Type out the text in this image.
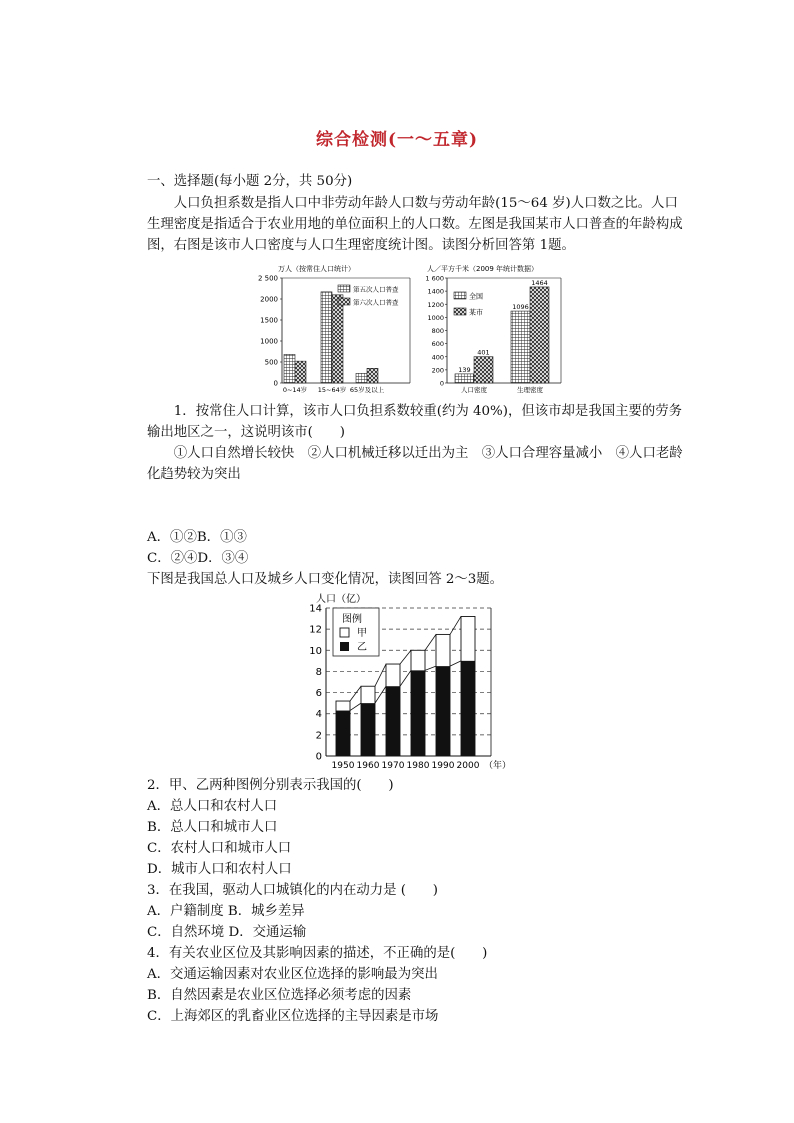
综合检测(一～五章)
一、选择题(每小题 2分，共 50分)
　　人口负担系数是指人口中非劳动年龄人口数与劳动年龄(15～64 岁)人口数之比。人口
生理密度是指适合于农业用地的单位面积上的人口数。左图是我国某市人口普查的年龄构成
图，右图是该市人口密度与人口生理密度统计图。读图分析回答第 1题。
万人（按常住人口统计）
0
500
1000
1500
2000
2 500
0~14岁 15~64岁 65岁及以上
第五次人口普查
第六次人口普查
人／平方千米（2009 年统计数据）
0
200
400
600
800
1000
1200
1400
1 600
139
401
1096
1464
人口密度	生理密度
全国
某市
　　1．按常住人口计算，该市人口负担系数较重(约为 40%)，但该市却是我国主要的劳务
输出地区之一，这说明该市(　　)
　　①人口自然增长较快　②人口机械迁移以迁出为主　③人口合理容量减小　④人口老龄
化趋势较为突出
A．①②B．①③
C．②④D．③④
下图是我国总人口及城乡人口变化情况，读图回答 2～3题。
人口（亿）
0
2
4
6
8
10
12
14
1950 1960 1970 1980 1990 2000 （年）
图例
甲
乙
2．甲、乙两种图例分别表示我国的(　　)
A．总人口和农村人口
B．总人口和城市人口
C．农村人口和城市人口
D．城市人口和农村人口
3．在我国，驱动人口城镇化的内在动力是 (　　)
A．户籍制度 B．城乡差异
C．自然环境 D．交通运输
4．有关农业区位及其影响因素的描述，不正确的是(　　)
A．交通运输因素对农业区位选择的影响最为突出
B．自然因素是农业区位选择必须考虑的因素
C．上海郊区的乳畜业区位选择的主导因素是市场
